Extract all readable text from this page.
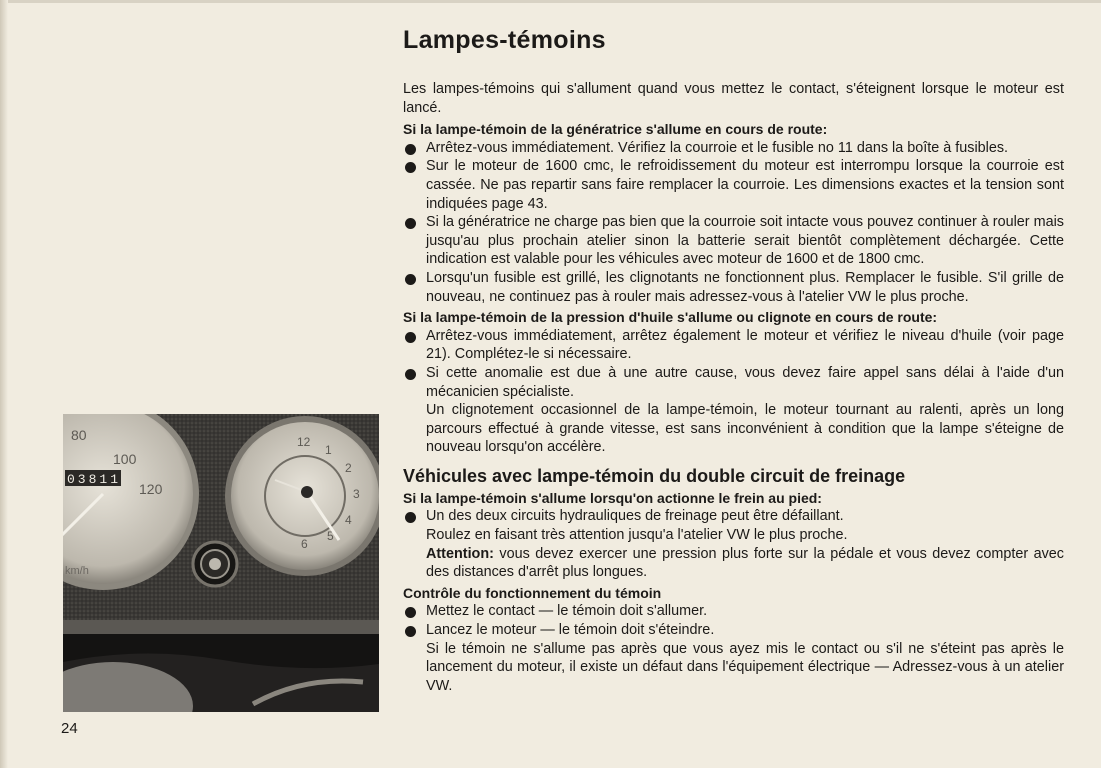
Lampes-témoins

Les lampes-témoins qui s'allument quand vous mettez le contact, s'éteignent lorsque le moteur est lancé.

Si la lampe-témoin de la génératrice s'allume en cours de route:

Arrêtez-vous immédiatement. Vérifiez la courroie et le fusible no 11 dans la boîte à fusibles.

Sur le moteur de 1600 cmc, le refroidissement du moteur est interrompu lorsque la courroie est cassée. Ne pas repartir sans faire remplacer la courroie. Les dimensions exactes et la tension sont indiquées page 43.

Si la génératrice ne charge pas bien que la courroie soit intacte vous pouvez continuer à rouler mais jusqu'au plus prochain atelier sinon la batterie serait bientôt complètement déchargée. Cette indication est valable pour les véhicules avec moteur de 1600 et de 1800 cmc.

Lorsqu'un fusible est grillé, les clignotants ne fonctionnent plus. Remplacer le fusible. S'il grille de nouveau, ne continuez pas à rouler mais adressez-vous à l'atelier VW le plus proche.

Si la lampe-témoin de la pression d'huile s'allume ou clignote en cours de route:

Arrêtez-vous immédiatement, arrêtez également le moteur et vérifiez le niveau d'huile (voir page 21). Complétez-le si nécessaire.

Si cette anomalie est due à une autre cause, vous devez faire appel sans délai à l'aide d'un mécanicien spécialiste.

Un clignotement occasionnel de la lampe-témoin, le moteur tournant au ralenti, après un long parcours effectué à grande vitesse, est sans inconvénient à condition que la lampe s'éteigne de nouveau lorsqu'on accélère.

Véhicules avec lampe-témoin du double circuit de freinage

Si la lampe-témoin s'allume lorsqu'on actionne le frein au pied:

Un des deux circuits hydrauliques de freinage peut être défaillant.

Roulez en faisant très attention jusqu'a l'atelier VW le plus proche.

Attention: vous devez exercer une pression plus forte sur la pédale et vous devez compter avec des distances d'arrêt plus longues.

Contrôle du fonctionnement du témoin

Mettez le contact — le témoin doit s'allumer.

Lancez le moteur — le témoin doit s'éteindre.

Si le témoin ne s'allume pas après que vous ayez mis le contact ou s'il ne s'éteint pas après le lancement du moteur, il existe un défaut dans l'équipement électrique — Adressez-vous à un atelier VW.

80
100
120
03811
km/h
12
1
2
3
4
5
6
24
